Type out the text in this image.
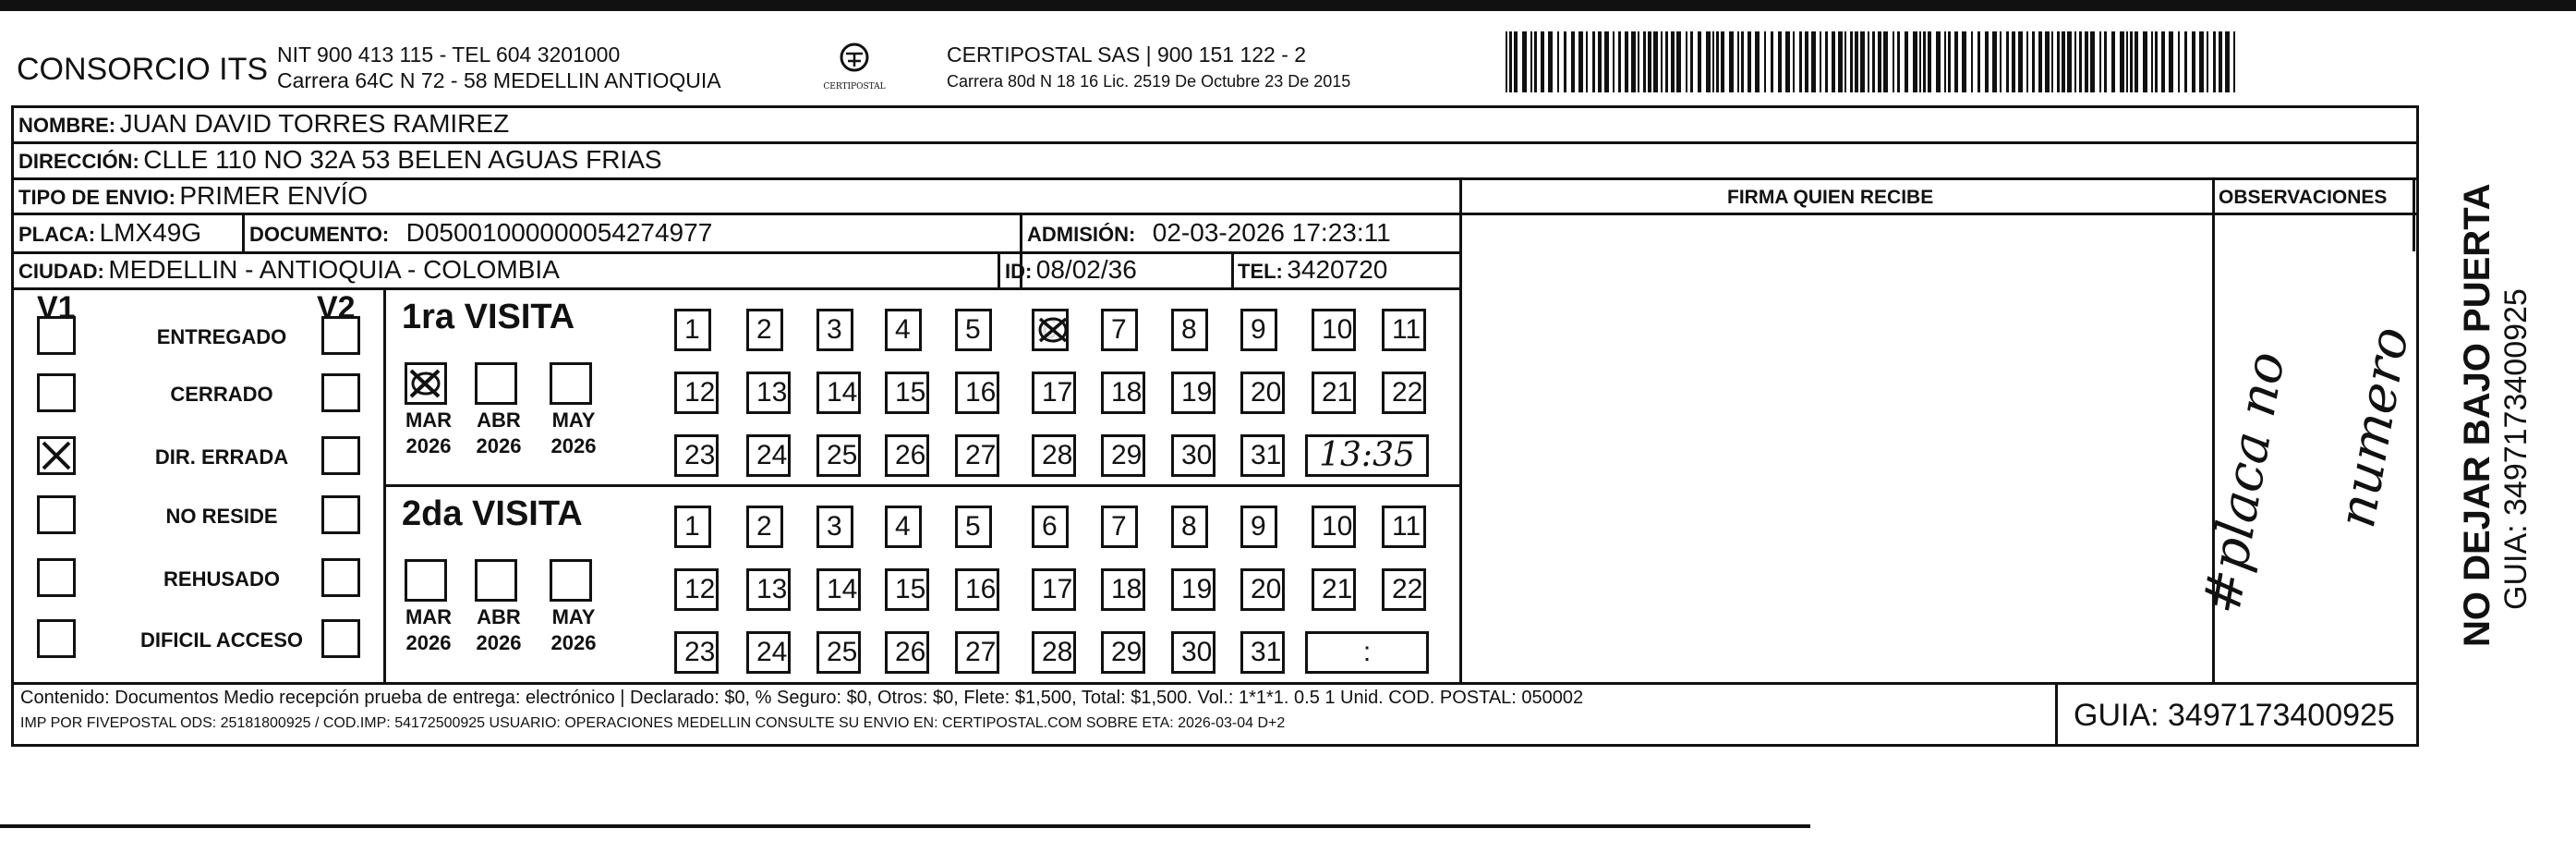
CONSORCIO ITS NIT 900 413 115 - TEL 604 3201000
Carrera 64C N 72 - 58 MEDELLIN ANTIOQUIA	CERTIPOSTAL
CERTIPOSTAL SAS | 900 151 122 - 2
Carrera 80d N 18 16 Lic. 2519 De Octubre 23 De 2015
NOMBRE: JUAN DAVID TORRES RAMIREZ
DIRECCIÓN: CLLE 110 NO 32A 53 BELEN AGUAS FRIAS
TIPO DE ENVIO: PRIMER ENVÍO	FIRMA QUIEN RECIBE	OBSERVACIONES
PLACA: LMX49G DOCUMENTO: D05001000000054274977	ADMISIÓN: 02-03-2026 17:23:11
CIUDAD: MEDELLIN - ANTIOQUIA - COLOMBIA	ID: 08/02/36	TEL: 3420720
V1	V2
ENTREGADO
CERRADO
DIR. ERRADA
NO RESIDE
REHUSADO
DIFICIL ACCESO
1ra VISITA
MAR
2026
ABR
2026
MAY
2026
1	2	3	4	5	6	7	8	9	10	11
12	13	14	15	16	17	18	19	20	21	22
23	24	25	26	27	28	29	30	31	13:35
2da VISITA
MAR
2026
ABR
2026
MAY
2026
1	2	3	4	5	6	7	8	9	10	11
12	13	14	15	16	17	18	19	20	21	22
23	24	25	26	27	28	29	30	31	:
#placa no numero
Contenido: Documentos Medio recepción prueba de entrega: electrónico | Declarado: $0, % Seguro: $0, Otros: $0, Flete: $1,500, Total: $1,500. Vol.: 1*1*1. 0.5 1 Unid. COD. POSTAL: 050002
IMP POR FIVEPOSTAL ODS: 25181800925 / COD.IMP: 54172500925 USUARIO: OPERACIONES MEDELLIN CONSULTE SU ENVIO EN: CERTIPOSTAL.COM SOBRE ETA: 2026-03-04 D+2	GUIA: 3497173400925
NO DEJAR BAJO PUERTA GUIA: 3497173400925
